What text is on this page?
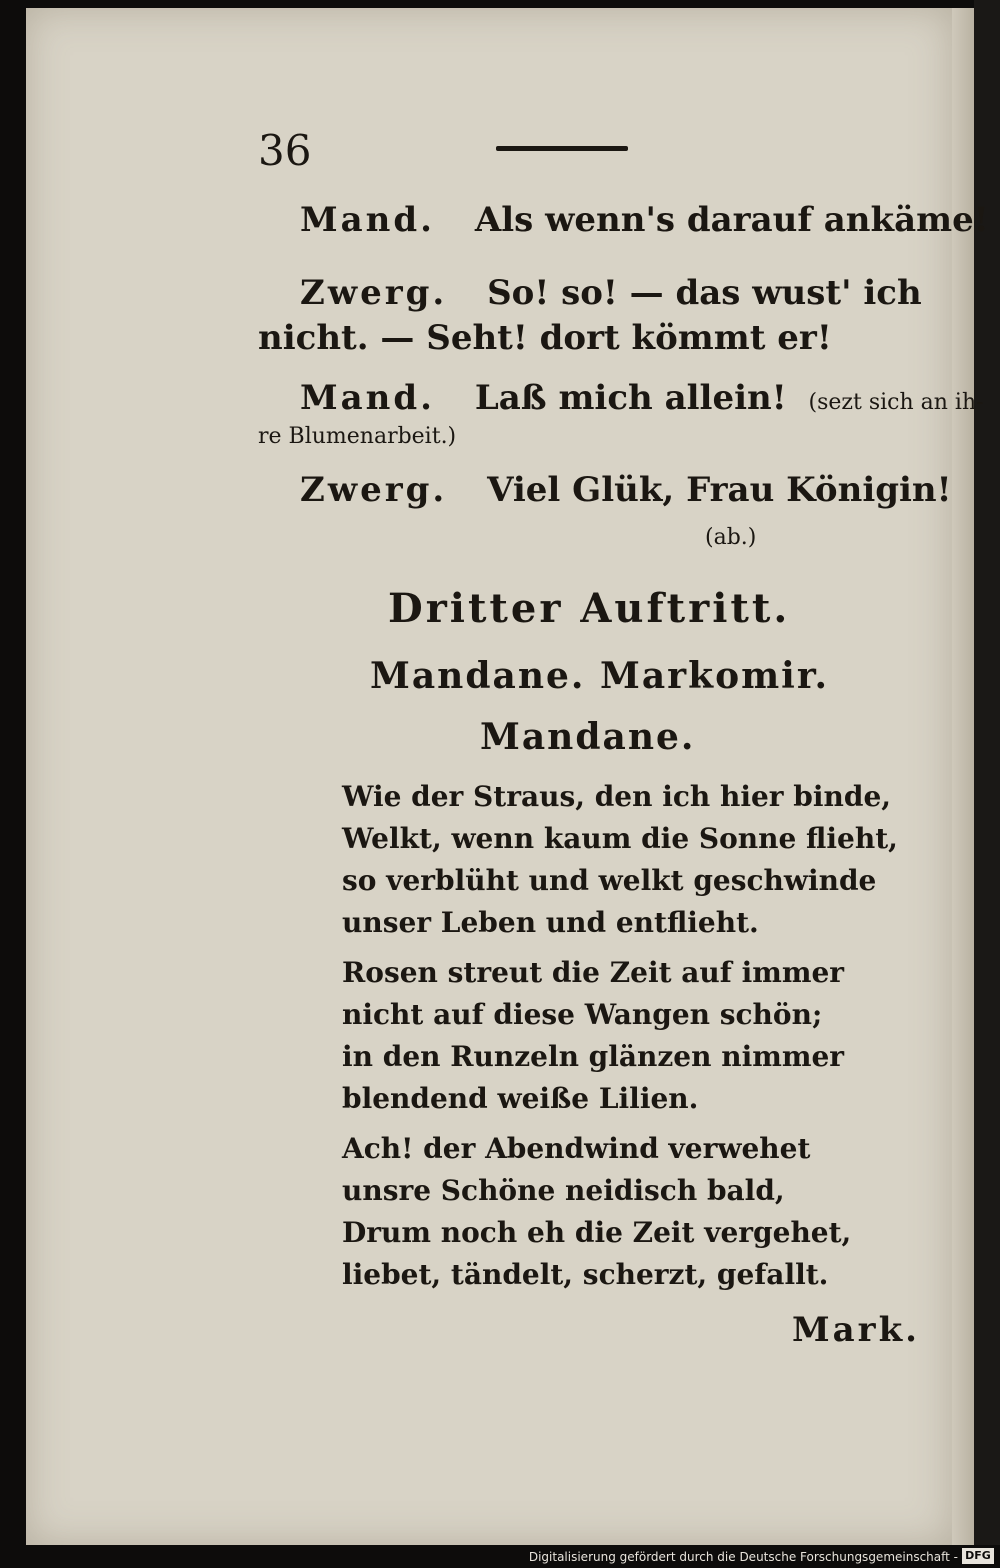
36
Mand. Als wenn's darauf ankäme!
Zwerg. So! so! — das wust' ich
nicht. — Seht! dort kömmt er!
Mand. Laß mich allein! (sezt sich an ih-
re Blumenarbeit.)
Zwerg. Viel Glük, Frau Königin!
(ab.)
Dritter Auftritt.
Mandane. Markomir.
Mandane.
Wie der Straus, den ich hier binde,
Welkt, wenn kaum die Sonne flieht,
so verblüht und welkt geschwinde
unser Leben und entflieht.
Rosen streut die Zeit auf immer
nicht auf diese Wangen schön;
in den Runzeln glänzen nimmer
blendend weiße Lilien.
Ach! der Abendwind verwehet
unsre Schöne neidisch bald,
Drum noch eh die Zeit vergehet,
liebet, tändelt, scherzt, gefallt.
Mark.
Digitalisierung gefördert durch die Deutsche Forschungsgemeinschaft - DFG
